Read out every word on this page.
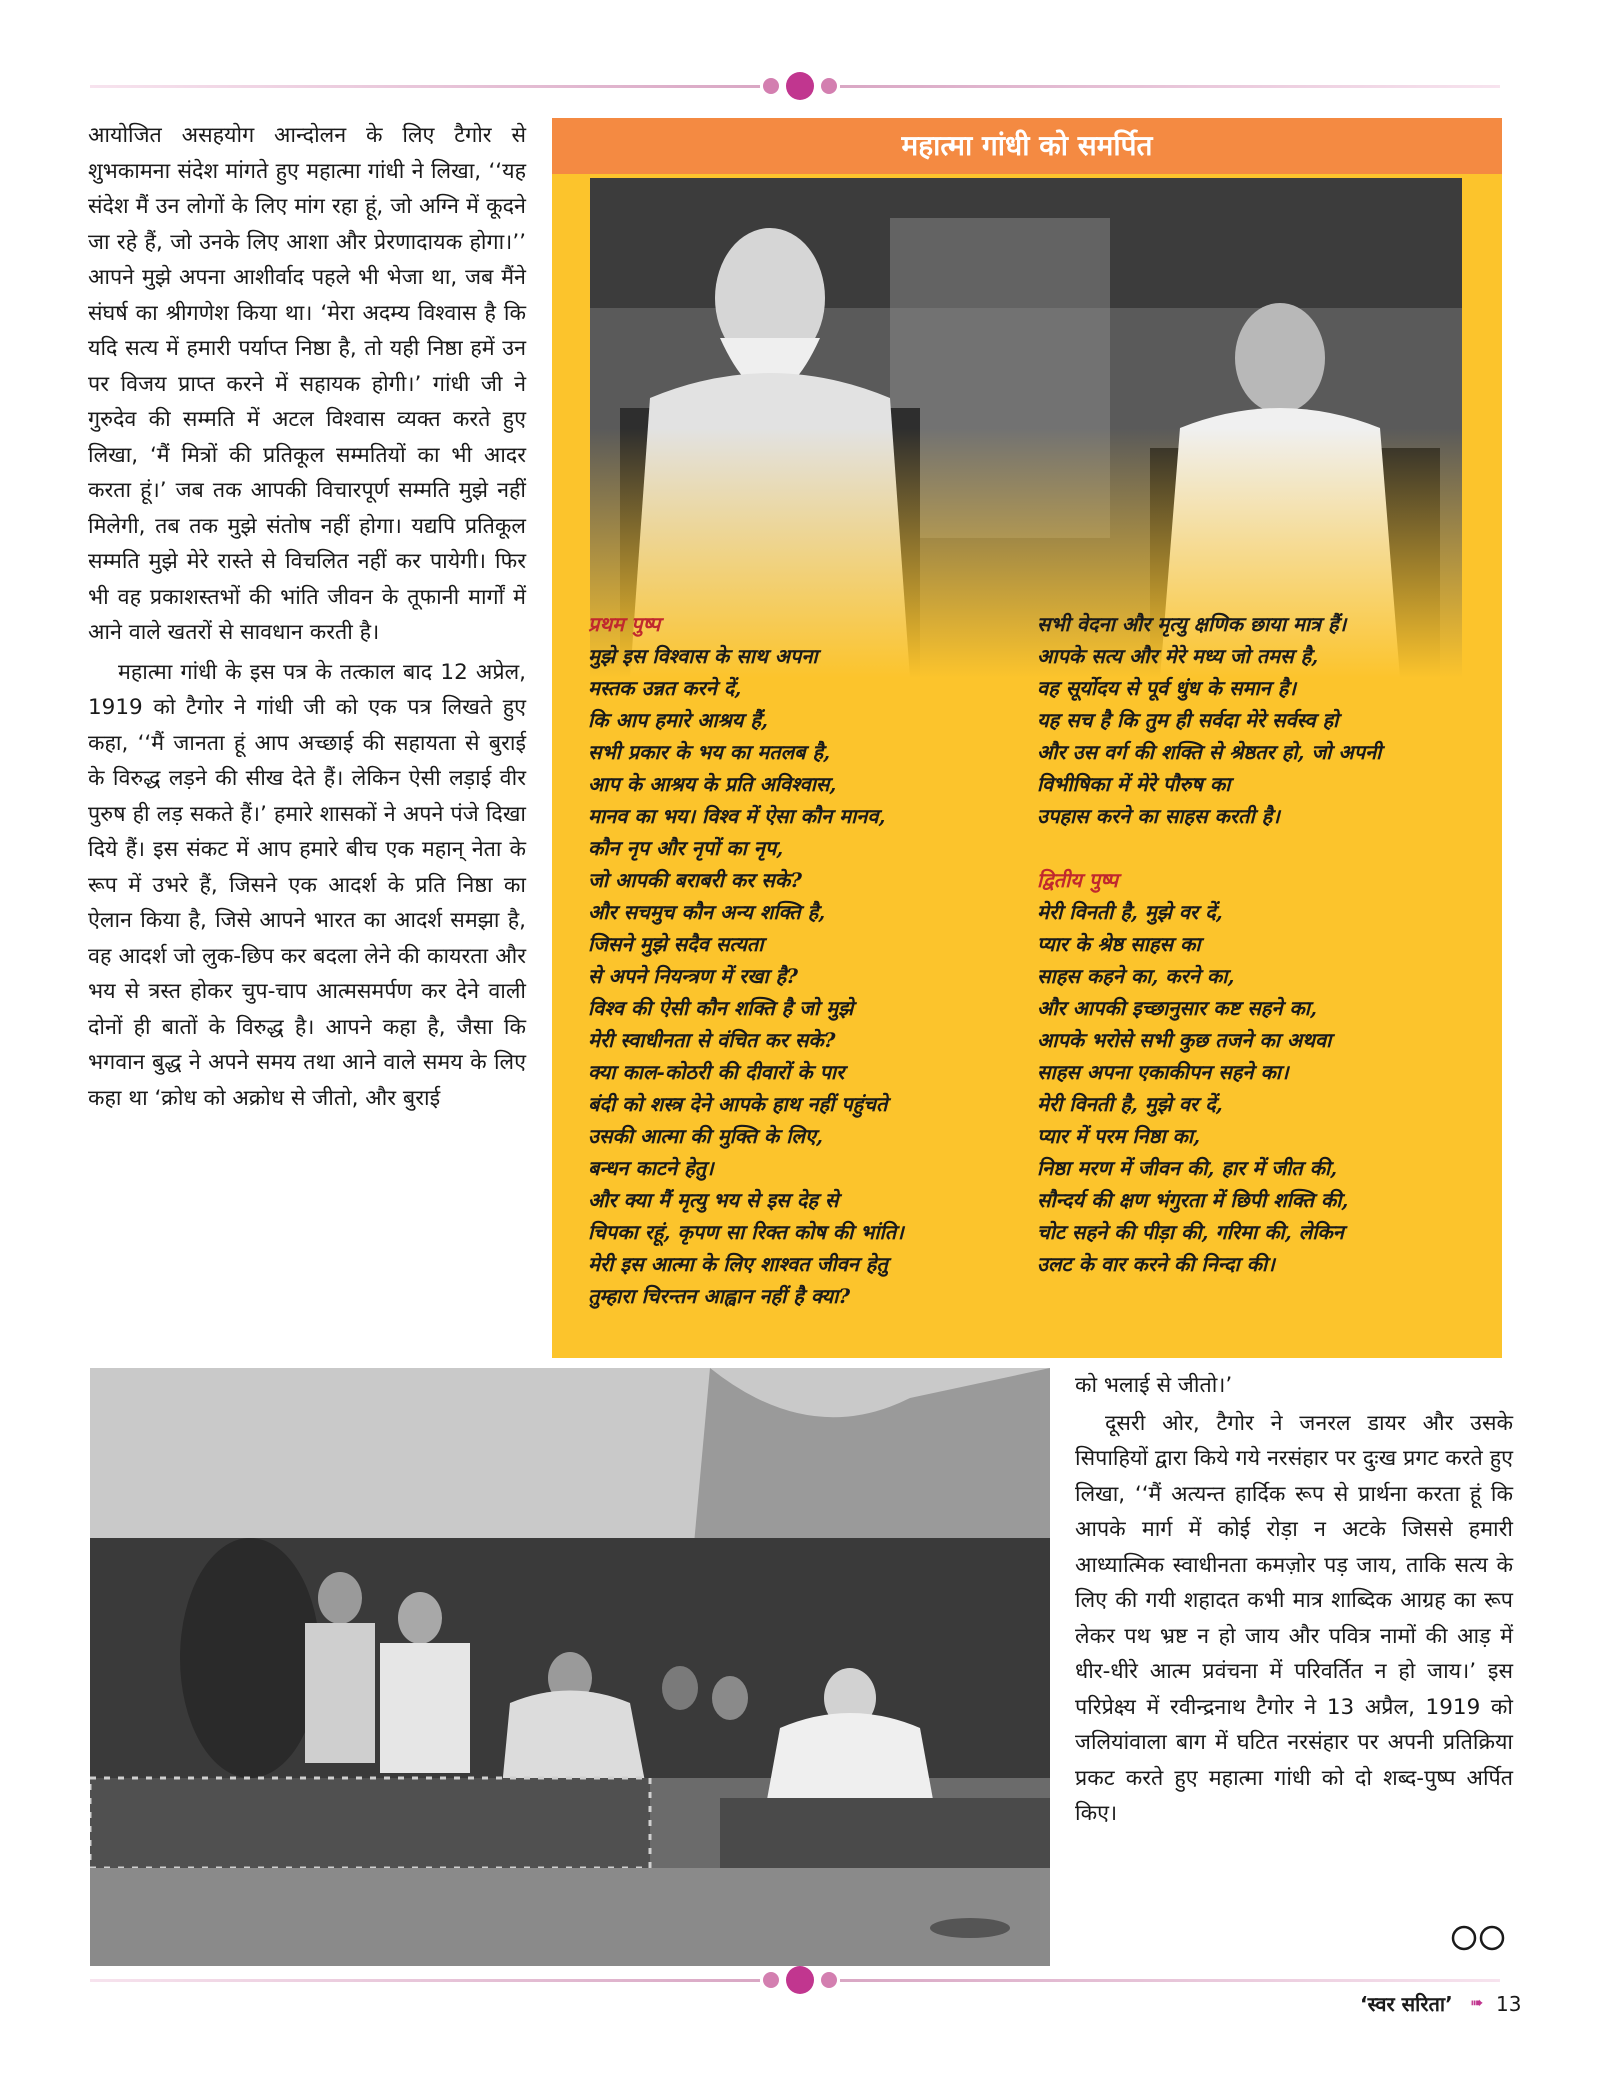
आयोजित असहयोग आन्दोलन के लिए टैगोर से शुभकामना संदेश मांगते हुए महात्मा गांधी ने लिखा, ‘‘यह संदेश मैं उन लोगों के लिए मांग रहा हूं, जो अग्नि में कूदने जा रहे हैं, जो उनके लिए आशा और प्रेरणादायक होगा।’’ आपने मुझे अपना आशीर्वाद पहले भी भेजा था, जब मैंने संघर्ष का श्रीगणेश किया था। ‘मेरा अदम्य विश्वास है कि यदि सत्य में हमारी पर्याप्त निष्ठा है, तो यही निष्ठा हमें उन पर विजय प्राप्त करने में सहायक होगी।’ गांधी जी ने गुरुदेव की सम्मति में अटल विश्वास व्यक्त करते हुए लिखा, ‘मैं मित्रों की प्रतिकूल सम्मतियों का भी आदर करता हूं।’ जब तक आपकी विचारपूर्ण सम्मति मुझे नहीं मिलेगी, तब तक मुझे संतोष नहीं होगा। यद्यपि प्रतिकूल सम्मति मुझे मेरे रास्ते से विचलित नहीं कर पायेगी। फिर भी वह प्रकाशस्तभों की भांति जीवन के तूफानी मार्गों में आने वाले खतरों से सावधान करती है।

महात्मा गांधी के इस पत्र के तत्काल बाद 12 अप्रेल, 1919 को टैगोर ने गांधी जी को एक पत्र लिखते हुए कहा, ‘‘मैं जानता हूं आप अच्छाई की सहायता से बुराई के विरुद्ध लड़ने की सीख देते हैं। लेकिन ऐसी लड़ाई वीर पुरुष ही लड़ सकते हैं।’ हमारे शासकों ने अपने पंजे दिखा दिये हैं। इस संकट में आप हमारे बीच एक महान् नेता के रूप में उभरे हैं, जिसने एक आदर्श के प्रति निष्ठा का ऐलान किया है, जिसे आपने भारत का आदर्श समझा है, वह आदर्श जो लुक-छिप कर बदला लेने की कायरता और भय से त्रस्त होकर चुप-चाप आत्मसमर्पण कर देने वाली दोनों ही बातों के विरुद्ध है। आपने कहा है, जैसा कि भगवान बुद्ध ने अपने समय तथा आने वाले समय के लिए कहा था ‘क्रोध को अक्रोध से जीतो, और बुराई

महात्मा गांधी को समर्पित
प्रथम पुष्प
मुझे इस विश्वास के साथ अपना
मस्तक उन्नत करने दें,
कि आप हमारे आश्रय हैं,
सभी प्रकार के भय का मतलब है,
आप के आश्रय के प्रति अविश्वास,
मानव का भय। विश्व में ऐसा कौन मानव,
कौन नृप और नृपों का नृप,
जो आपकी बराबरी कर सके?
और सचमुच कौन अन्य शक्ति है,
जिसने मुझे सदैव सत्यता
से अपने नियन्त्रण में रखा है?
विश्व की ऐसी कौन शक्ति है जो मुझे
मेरी स्वाधीनता से वंचित कर सके?
क्या काल-कोठरी की दीवारों के पार
बंदी को शस्त्र देने आपके हाथ नहीं पहुंचते
उसकी आत्मा की मुक्ति के लिए,
बन्धन काटने हेतु।
और क्या मैं मृत्यु भय से इस देह से
चिपका रहूं, कृपण सा रिक्त कोष की भांति।
मेरी इस आत्मा के लिए शाश्वत जीवन हेतु
तुम्हारा चिरन्तन आह्वान नहीं है क्या?
सभी वेदना और मृत्यु क्षणिक छाया मात्र हैं।
आपके सत्य और मेरे मध्य जो तमस है,
वह सूर्योदय से पूर्व धुंध के समान है।
यह सच है कि तुम ही सर्वदा मेरे सर्वस्व हो
और उस वर्ग की शक्ति से श्रेष्ठतर हो, जो अपनी
विभीषिका में मेरे पौरुष का
उपहास करने का साहस करती है।
द्वितीय पुष्प
मेरी विनती है, मुझे वर दें,
प्यार के श्रेष्ठ साहस का
साहस कहने का, करने का,
और आपकी इच्छानुसार कष्ट सहने का,
आपके भरोसे सभी कुछ तजने का अथवा
साहस अपना एकाकीपन सहने का।
मेरी विनती है, मुझे वर दें,
प्यार में परम निष्ठा का,
निष्ठा मरण में जीवन की, हार में जीत की,
सौन्दर्य की क्षण भंगुरता में छिपी शक्ति की,
चोट सहने की पीड़ा की, गरिमा की, लेकिन
उलट के वार करने की निन्दा की।

को भलाई से जीतो।’

दूसरी ओर, टैगोर ने जनरल डायर और उसके सिपाहियों द्वारा किये गये नरसंहार पर दुःख प्रगट करते हुए लिखा, ‘‘मैं अत्यन्त हार्दिक रूप से प्रार्थना करता हूं कि आपके मार्ग में कोई रोड़ा न अटके जिससे हमारी आध्यात्मिक स्वाधीनता कमज़ोर पड़ जाय, ताकि सत्य के लिए की गयी शहादत कभी मात्र शाब्दिक आग्रह का रूप लेकर पथ भ्रष्ट न हो जाय और पवित्र नामों की आड़ में धीर-धीरे आत्म प्रवंचना में परिवर्तित न हो जाय।’ इस परिप्रेक्ष्य में रवीन्द्रनाथ टैगोर ने 13 अप्रैल, 1919 को जलियांवाला बाग में घटित नरसंहार पर अपनी प्रतिक्रिया प्रकट करते हुए महात्मा गांधी को दो शब्द-पुष्प अर्पित किए।

‘स्वर सरिता’ ➠ 13
